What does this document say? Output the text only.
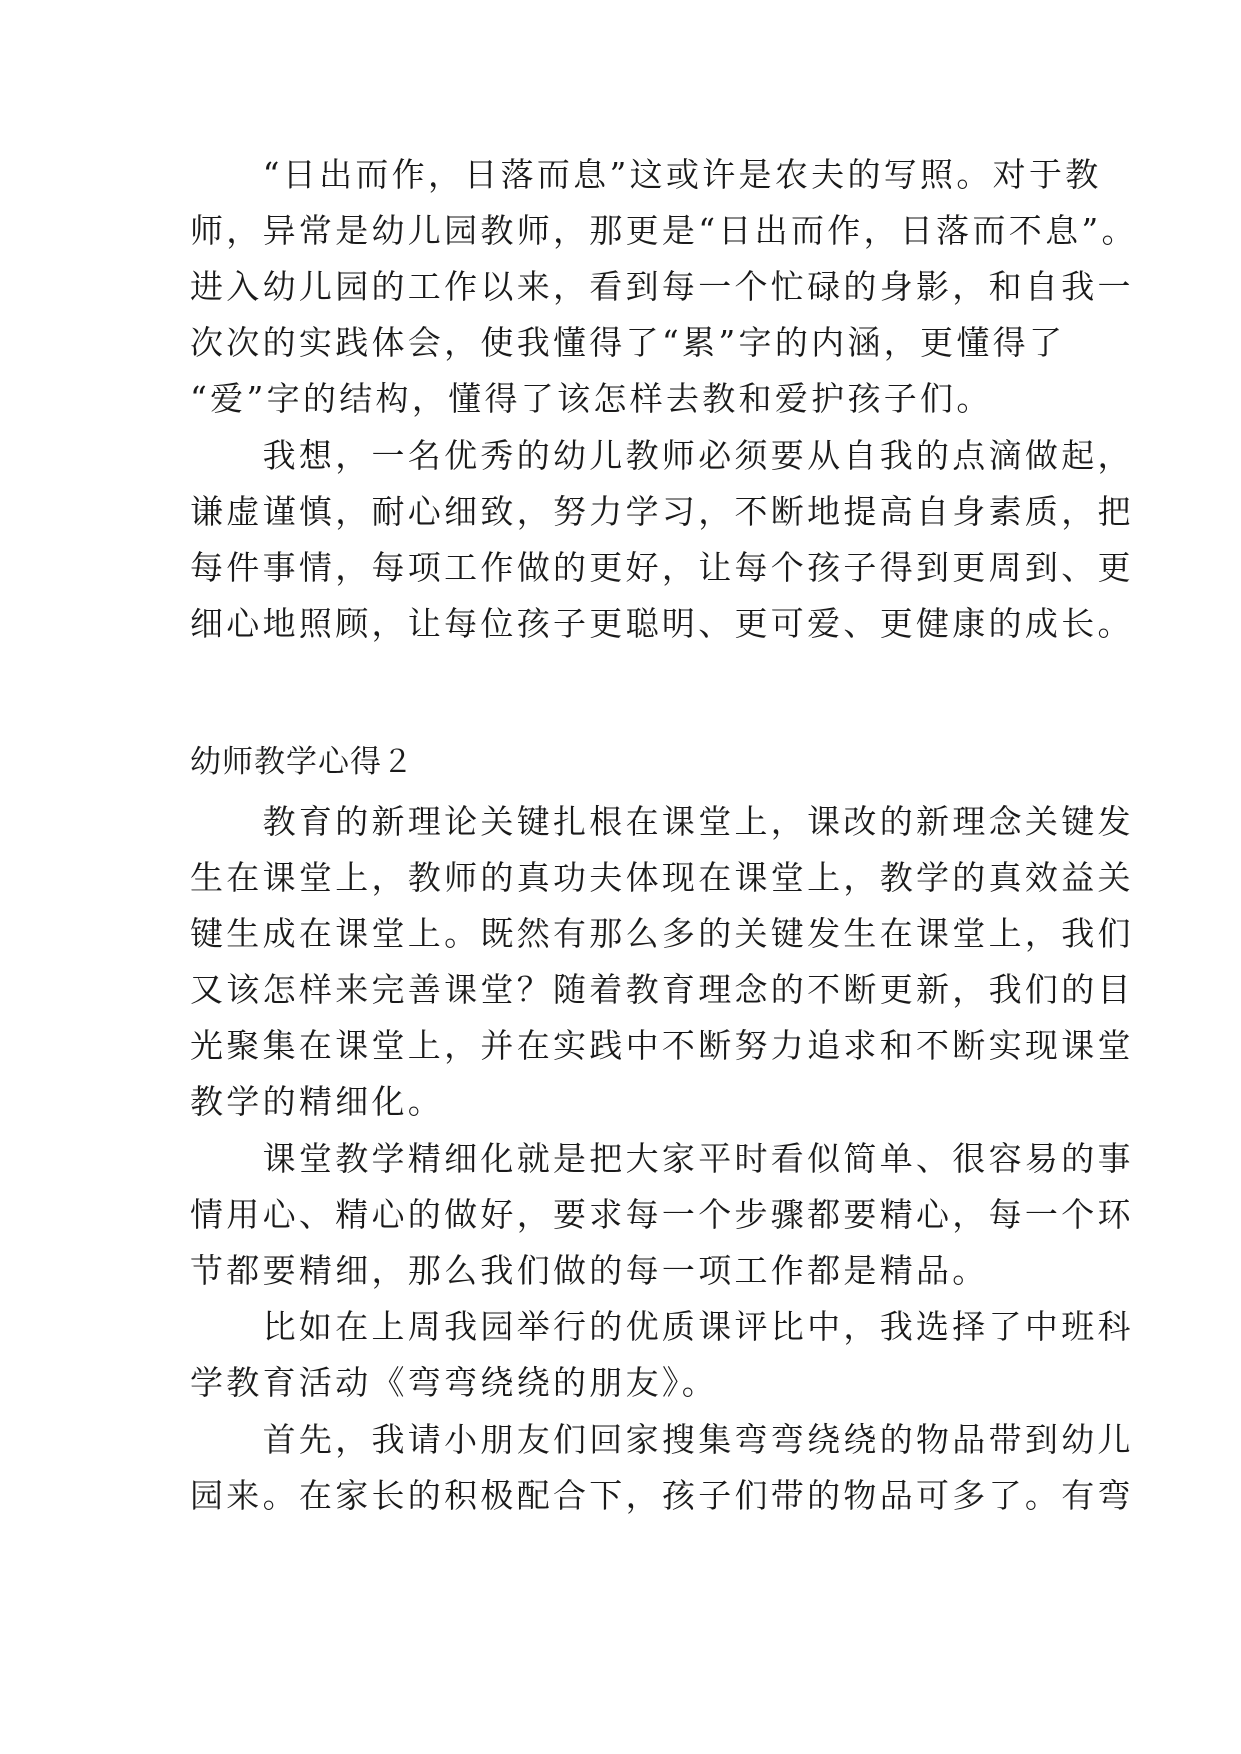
　　“日出而作，日落而息”这或许是农夫的写照。对于教
师，异常是幼儿园教师，那更是“日出而作，日落而不息”。
进入幼儿园的工作以来，看到每一个忙碌的身影，和自我一
次次的实践体会，使我懂得了“累”字的内涵，更懂得了
“爱”字的结构，懂得了该怎样去教和爱护孩子们。
　　我想，一名优秀的幼儿教师必须要从自我的点滴做起，
谦虚谨慎，耐心细致，努力学习，不断地提高自身素质，把
每件事情，每项工作做的更好，让每个孩子得到更周到、更
细心地照顾，让每位孩子更聪明、更可爱、更健康的成长。
幼师教学心得２
　　教育的新理论关键扎根在课堂上，课改的新理念关键发
生在课堂上，教师的真功夫体现在课堂上，教学的真效益关
键生成在课堂上。既然有那么多的关键发生在课堂上，我们
又该怎样来完善课堂？随着教育理念的不断更新，我们的目
光聚集在课堂上，并在实践中不断努力追求和不断实现课堂
教学的精细化。
　　课堂教学精细化就是把大家平时看似简单、很容易的事
情用心、精心的做好，要求每一个步骤都要精心，每一个环
节都要精细，那么我们做的每一项工作都是精品。
　　比如在上周我园举行的优质课评比中，我选择了中班科
学教育活动《弯弯绕绕的朋友》。
　　首先，我请小朋友们回家搜集弯弯绕绕的物品带到幼儿
园来。在家长的积极配合下，孩子们带的物品可多了。有弯
